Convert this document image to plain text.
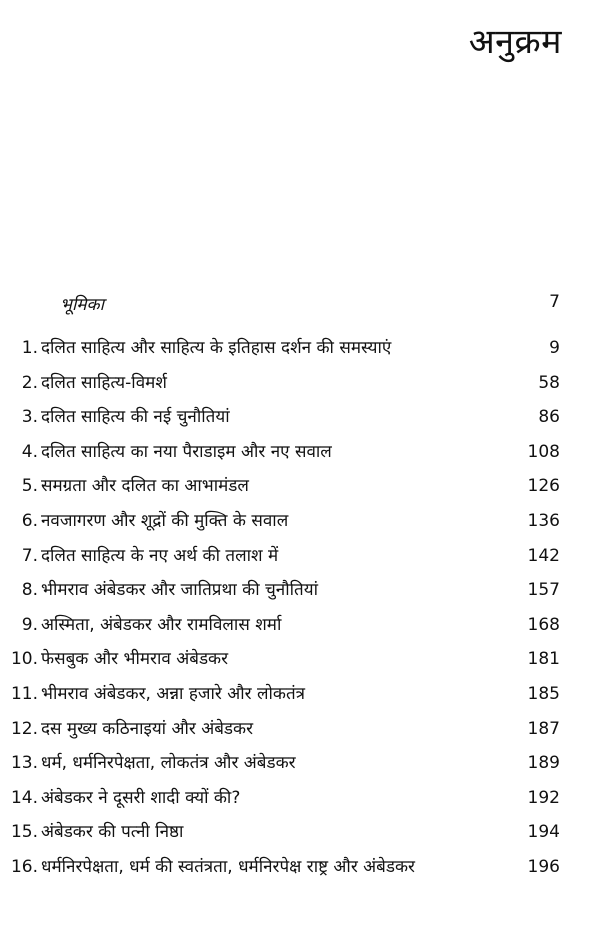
अनुक्रम
भूमिका	7
1. दलित साहित्य और साहित्य के इतिहास दर्शन की समस्याएं	9
2. दलित साहित्य-विमर्श	58
3. दलित साहित्य की नई चुनौतियां	86
4. दलित साहित्य का नया पैराडाइम और नए सवाल	108
5. समग्रता और दलित का आभामंडल	126
6. नवजागरण और शूद्रों की मुक्ति के सवाल	136
7. दलित साहित्य के नए अर्थ की तलाश में	142
8. भीमराव अंबेडकर और जातिप्रथा की चुनौतियां	157
9. अस्मिता, अंबेडकर और रामविलास शर्मा	168
10. फेसबुक और भीमराव अंबेडकर	181
11. भीमराव अंबेडकर, अन्ना हजारे और लोकतंत्र	185
12. दस मुख्य कठिनाइयां और अंबेडकर	187
13. धर्म, धर्मनिरपेक्षता, लोकतंत्र और अंबेडकर	189
14. अंबेडकर ने दूसरी शादी क्यों की?	192
15. अंबेडकर की पत्नी निष्ठा	194
16. धर्मनिरपेक्षता, धर्म की स्वतंत्रता, धर्मनिरपेक्ष राष्ट्र और अंबेडकर	196
